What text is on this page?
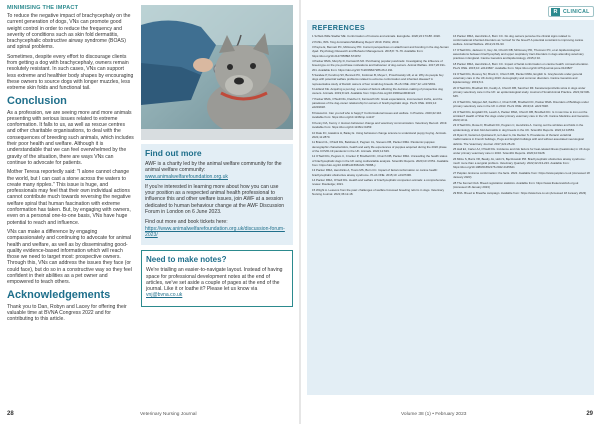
MINIMISING THE IMPACT

To reduce the negative impact of brachycephaly on the current generation of dogs, VNs can promote good weight control in order to reduce the frequency and severity of conditions such as skin fold dermatitis, brachycephalic obstructive airway syndrome (BOAS) and spinal problems.

Sometimes, despite every effort to discourage clients from getting a dog with brachycephaly, owners remain resolutely resistant. In such cases, VNs can support less extreme and healthier body shapes by encouraging these owners to source dogs with longer muzzles, less extreme skin folds and functional tail.

Conclusion

As a profession, we are seeing more and more animals presenting with serious issues related to extreme conformation. It falls to us, as well as rescue centres and other charitable organisations, to deal with the consequences of breeding such animals, which includes their poor health and welfare. Although it is understandable that we can feel overwhelmed by the gravity of the situation, there are ways VNs can continue to advocate for patients.

Mother Teresa reportedly said: "I alone cannot change the world, but I can cast a stone across the waters to create many ripples." This issue is huge, and professionals may feel that their own individual actions cannot contribute much towards reversing the negative welfare spiral that human fascination with extreme conformation has taken. But, by engaging with owners, even on a personal one-to-one basis, VNs have huge potential to reach and influence.

VNs can make a difference by engaging compassionately and continuing to advocate for animal health and welfare, as well as by disseminating good-quality evidence-based information which will reach those we need to target most: prospective owners. Through this, VNs can address the issues they face (or could face), but do so in a constructive way so they feel confident in their abilities as a pet owner and empowered to teach others.

Acknowledgements

Thank you to Dan, Robyn and Lacey for offering their valuable time at BVNA Congress 2022 and for contributing to this article.

Find out more

AWF is a charity led by the animal welfare community for the animal welfare community: www.animalwelfarefoundation.org.uk

If you're interested in learning more about how you can use your position as a respected animal health professional to influence this and other welfare issues, join AWF at a session dedicated to human behaviour change at the AWF Discussion Forum in London on 6 June 2023.

Find out more and book tickets here: https://www.animalwelfarefoundation.org.uk/discussion-forum-2023/

Need to make notes?

We're trialling an easier-to-navigate layout. Instead of having space for professional development notes at the end of articles, we've set aside a couple of pages at the end of the journal. Like it or loathe it? Please let us know via vnj@bvna.co.uk

28	Veterinary Nursing Journal
R	CLINICAL
REFERENCES

1 Schlett-Wille Stadler ME. Conformation of humans and animals. Euroglobe. 2020;22:173-88. 2020.

2 Pöhls, IMS. 'Dog domination/Wellbeing Report' 2019. Pöhls; 2019.

3 Payne E, Bennett PC, McGreevy PD. Current perspectives on attachment and bonding in the dog-human dyad. Psychology Research and Behavior Management. 2015;8: 71-79. Available from: https://doi.org/10.2147/PRBM.S74972

4 Packer RMA, Murphy D, Farnworth MJ. Purchasing popular purebreds: Investigating the influence of breed-type on the pre-purchase motivations and behaviour of dog owners. Animal Welfare. 2017;26:191-201. Available from: https://doi.org/10.7120/09627286.26.2.191

5 Sandøe P, Kondrup SV, Bennett PC, Forkman B, Meyer I, Proschowsky HF, et al. Why do people buy dogs with potential welfare problems related to extreme conformation and inherited disease? A representative study of Danish owners of four small dog breeds. PLoS ONE. 2017;12: e0172091.

6 Holland KE. Acquiring a pet dog: a review of factors affecting the decision-making of prospective dog owners. Animals. 2019;9:124. Available from: https://doi.org/10.3390/ani9040124

7 Packer RMA, O'Neill DG, Fletcher F, Farnworth MJ. Great expectations, inconvenient truths, and the paradoxes of the dog-owner relationship for owners of brachycephalic dogs. PLoS ONE. 2019;14: e0219918.

8 Fawcett A. Can you tell who is happy? Conformational issues and welfare. In Practice. 2020;42:116. Available from: https://doi.org/10.1136/inp.m1147

9 Kenny DA, Kenny J. Human behaviour change and veterinary communication. Veterinary Record. 2019. Available from: https://doi.org/10.1136/vr.l4459

10 Dale FC, Hawkins H, Bailey E. Using behaviour change science to understand puppy buying. Animals. 2021;11:2870.

11 Brand CL, O'Neill DG, Belshaw Z, Pegram CL, Stevens KB, Packer RMA. Pandemic puppies: demographic characteristics, health and early life experiences of puppies acquired during the 2020 phase of the COVID-19 pandemic in the UK. Animals. 2022;12:629.

12 O'Neill DG, Pegram C, Crocker P, Brodbelt DC, Church DB, Packer RMA. Unravelling the health status of brachycephalic dogs in the UK using multivariable analysis. Scientific Reports. 2020;10:17251. Available from: https://doi.org/10.1038/s41598-020-73088-y

13 Packer RMA, Hendricks A, Tivers MS, Burn CC. Impact of facial conformation on canine health: brachycephalic obstructive airway syndrome. PLoS ONE. 2015;10: e0137496.

14 Packer RMA, O'Neill DG. Health and welfare of brachycephalic companion animals: a comprehensive review. Routledge; 2021.

15 Wright A. Lessons from the past: challenges of welfare focussed breeding reform in dogs. Veterinary Nursing Journal. 2021;36:12-18.

16 Packer RMA, Hendricks A, Burn CC. Do dog owners perceive the clinical signs related to conformational inherited disorders as 'normal' for the breed? A potential constraint to improving canine welfare. Animal Welfare. 2012;21:81-93.

17 O'Neill DG, Jackson C, Guy JH, Church DB, McGreevy PD, Thomson PC, et al. Epidemiological associations between brachycephaly and upper respiratory tract disorders in dogs attending veterinary practices in England. Canine Genetics and Epidemiology. 2015;2:10.

18 Packer RMA, Hendricks A, Burn CC. Impact of facial conformation on canine health: corneal ulceration. PLoS ONE. 2015;10: e0123827. Available from: https://doi.org/10.1371/journal.pone.0123827

19 O'Neill DG, Rooney NJ, Brock C, Church DB, Packer RMA, English G. Greyhounds under general veterinary care in the UK during 2016: demography and common disorders. Canine Genetics and Epidemiology. 2019;6:4.

20 O'Neill DG, Brodbelt DC, Keddy A, Church DB, Sanchez RF. Keratoconjunctivitis sicca in dogs under primary veterinary care in the UK: an epidemiological study. Journal of Small Animal Practice. 2021;62:636-645.

21 O'Neill DG, Skipper AM, Kadhim J, Church DB, Brodbelt DC, Packer RMA. Disorders of Bulldogs under primary veterinary care in the UK in 2013. PLoS ONE. 2019;14: e0217928.

22 O'Neill DG, Engdahl KS, Leach A, Packer RMA, Church DB, Brodbelt DC. Is it now time to iron out the wrinkles? Health of Shar Pei dogs under primary veterinary care in the UK. Canine Medicine and Genetics. 2023;10:11.

23 O'Neill DG, Rowe D, Brodbelt DC, Pegram C, Hendricks A. Ironing out the wrinkles and folds in the epidemiology of skin fold dermatitis in dog breeds in the UK. Scientific Reports. 2022;12:10553.

24 Ryan R, Gutierrez-Quintana R, ter Haar G, De Decker S. Prevalence of thoracic vertebral malformations in French bulldogs, Pugs and English bulldogs with and without associated neurological deficits. The Veterinary Journal. 2017;221:25-29.

25 Hall EJ, Carter AJ, O'Neill DG. Incidence and risk factors for heat-related illness (heatstroke) in UK dogs under primary veterinary care in 2016. Scientific Reports. 2020;10:9128.

26 Mitze S, Barrs VR, Beatty JA, Hobi S, Bęczkowski PM. Brachycephalic obstructive airway syndrome: much more than a surgical problem. Veterinary Quarterly. 2022;42:213-223. Available from: https://doi.org/10.1080/01652176.2022.2145621

27 Petplan. Extreme conformation: the facts. 2022. Available from: https://www.petplan.co.uk (Accessed 18 January 2023)

28 The Kennel Club. Breed registration statistics. Available from: https://www.thekennelclub.org.uk (Accessed 18 January 2023)

29 BVA. Breed to Breathe campaign. Available from: https://www.bva.co.uk (Accessed 18 January 2023)

Volume 38 (1) • February 2023	29
